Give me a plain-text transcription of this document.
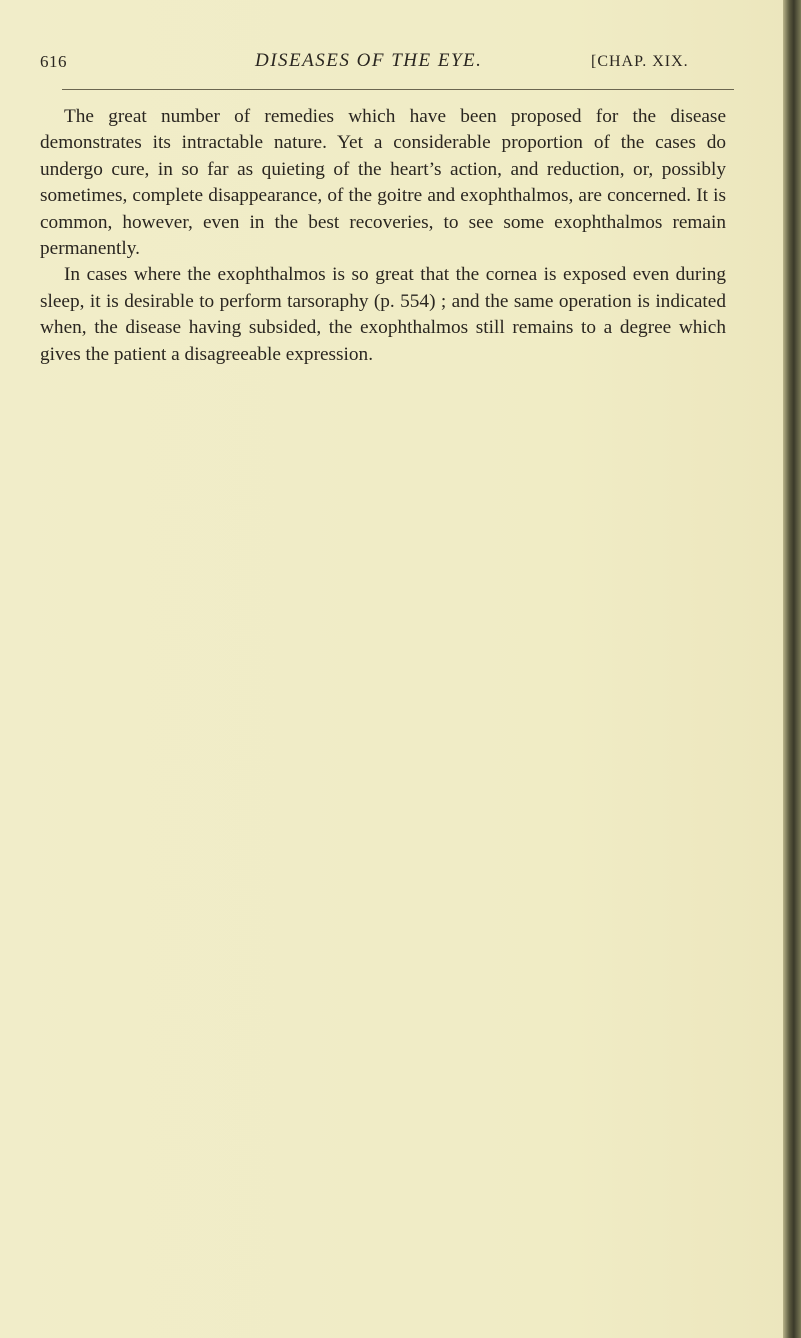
616	DISEASES OF THE EYE.	[CHAP. XIX.

The great number of remedies which have been proposed for the disease demonstrates its intractable nature. Yet a considerable proportion of the cases do undergo cure, in so far as quieting of the heart’s action, and reduction, or, possibly sometimes, complete disappearance, of the goitre and exophthalmos, are concerned. It is common, however, even in the best recoveries, to see some exophthalmos remain permanently.

In cases where the exophthalmos is so great that the cornea is exposed even during sleep, it is desirable to perform tarsoraphy (p. 554) ; and the same operation is indicated when, the disease having subsided, the exophthalmos still remains to a degree which gives the patient a disagreeable expression.
